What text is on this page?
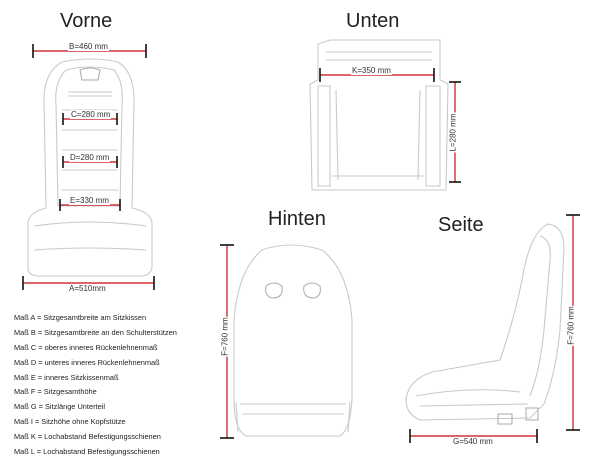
Vorne	Unten
Hinten	Seite
B=460 mm
C=280 mm
D=280 mm
E=330 mm
A=510mm
K=350 mm
L=280 mm
F=760 mm	F=760 mm
G=540 mm
Maß A = Sitzgesamtbreite am Sitzkissen
Maß B = Sitzgesamtbreite an den Schulterstützen
Maß C = oberes inneres Rückenlehnenmaß
Maß D = unteres inneres Rückenlehnenmaß
Maß E = inneres Sitzkissenmaß
Maß F = Sitzgesamthöhe
Maß G = Sitzlänge Unterteil
Maß I = Sitzhöhe ohne Kopfstütze
Maß K = Lochabstand Befestigungsschienen
Maß L = Lochabstand Befestigungsschienen
